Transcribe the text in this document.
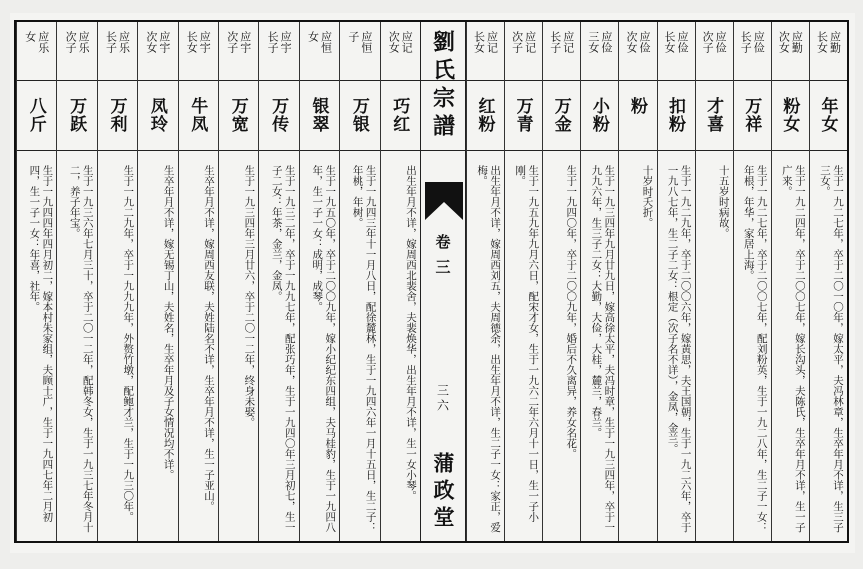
应勤
长女
年女
生于一九二七年，卒于二〇一〇年，嫁太平，夫冯林章，生卒年月不详，生三子三女。
应勤
次女
粉女
生于一九二四年，卒于二〇〇七年，嫁长沟头，夫陈氏，生卒年月不详，生一子广来。
应俭
长子
万祥
生于一九二七年，卒于二〇〇七年，配刘粉英，生于一九二八年，生二子一女：年根，年华，家居上海。
应俭
次子
才喜
十五岁时病故。
应俭
长女
扣粉
生于一九二九年，卒于二〇〇六年，嫁黄思，夫王国朝，生于一九二六年，卒于一九八七年，生二子二女：根定（次子名不详），金凤，金兰。
应俭
次女
粉
十岁时夭折。
应俭
三女
小粉
生于一九三四年九月廿九日，嫁高徐太平，夫冯时章，生于一九三四年，卒于一九九六年，生三子二女：大勤，大俭，大桂，麓兰，春兰。
应记
长子
万金
生于一九四〇年，卒于二〇〇九年，婚后不久离异，养女名花。
应记
次子
万青
生于一九五九年九月六日，配宋才女，生于一九六二年六月十一日，生一子小刚。
应记
长女
红粉
出生年月不详，嫁周西刘五，夫周德余，出生年月不详，生二子一女：家正，爱梅。
应记
次女
巧红
出生年月不详，嫁周西北裴舍，夫裴焕华，出生年月不详，生一女小琴。
应恒
子
万银
生于一九四三年十一月八日，配徐麓林，生于一九四六年一月十五日，生二子：年桃，年树。
应恒
女
银翠
生于一九五〇年，卒于二〇〇九年，嫁小纪纪东四组，夫马桂豹，生于一九四八年，生一子一女：成明，成琴。
应宇
长子
万传
生于一九三二年，卒于一九九七年，配张巧年，生于一九四〇年三月初七，生一子二女：年茶，金兰，金凤。
应宇
次子
万宽
生于一九三四年三月廿六，卒于二〇一二年，终身未娶。
应宇
长女
牛凤
生卒年月不详，嫁周西友联，夫姓陆名不详，生卒年月不详，生一子亚山。
应宇
次女
凤玲
生卒年月不详，嫁无锡丁山，夫姓名，生卒年月及子女情况均不详。
应乐
长子
万利
生于一九二九年，卒于一九九九年，外赘竹墩，配鲍才兰，生于一九三〇年。
应乐
次子
万跃
生于一九三六年七月三十，卒于二〇一二年，配韩冬女，生于一九三七年冬月十二，养子年宝。
应乐
女
八斤
生于一九四四年四月初二，嫁本村朱家组，夫顾士广，生于一九四七年二月初四，生一子一女：年喜，社年。
劉氏宗譜
卷三
三六
蒲政堂
